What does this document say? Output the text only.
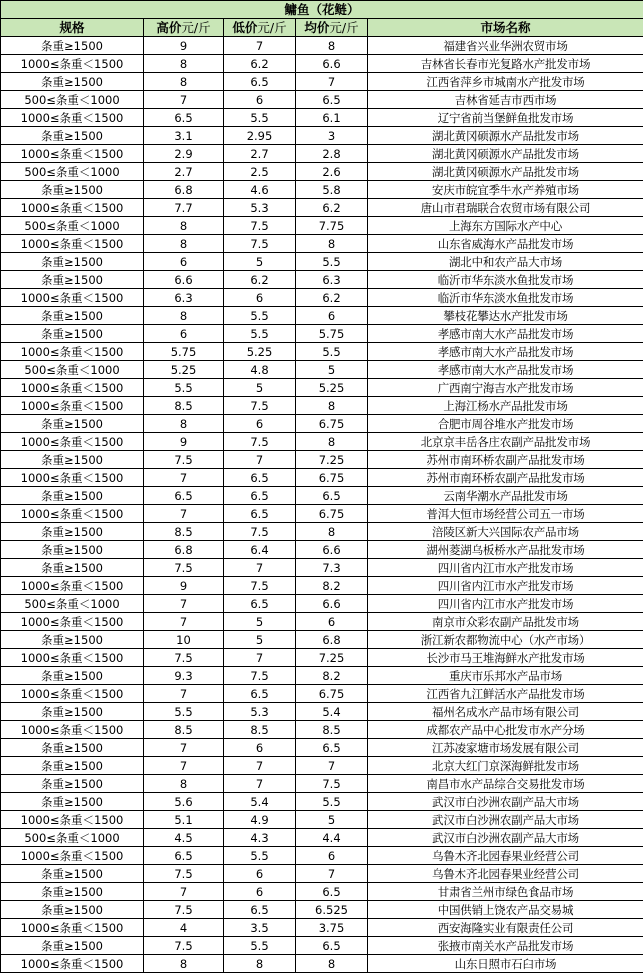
鳙鱼（花鲢）				
规格	高价元/斤	低价元/斤	均价元/斤	市场名称
条重≥1500	9	7	8	福建省兴业华洲农贸市场
1000≤条重＜1500	8	6.2	6.6	吉林省长春市光复路水产批发市场
条重≥1500	8	6.5	7	江西省萍乡市城南水产批发市场
500≤条重＜1000	7	6	6.5	吉林省延吉市西市场
1000≤条重＜1500	6.5	5.5	6.1	辽宁省前当堡鲜鱼批发市场
条重≥1500	3.1	2.95	3	湖北黄冈硕源水产品批发市场
1000≤条重＜1500	2.9	2.7	2.8	湖北黄冈硕源水产品批发市场
500≤条重＜1000	2.7	2.5	2.6	湖北黄冈硕源水产品批发市场
条重≥1500	6.8	4.6	5.8	安庆市皖宜季牛水产养殖市场
1000≤条重＜1500	7.7	5.3	6.2	唐山市君瑞联合农贸市场有限公司
500≤条重＜1000	8	7.5	7.75	上海东方国际水产中心
1000≤条重＜1500	8	7.5	8	山东省威海水产品批发市场
条重≥1500	6	5	5.5	湖北中和农产品大市场
条重≥1500	6.6	6.2	6.3	临沂市华东淡水鱼批发市场
1000≤条重＜1500	6.3	6	6.2	临沂市华东淡水鱼批发市场
条重≥1500	8	5.5	6	攀枝花攀达水产批发市场
条重≥1500	6	5.5	5.75	孝感市南大水产品批发市场
1000≤条重＜1500	5.75	5.25	5.5	孝感市南大水产品批发市场
500≤条重＜1000	5.25	4.8	5	孝感市南大水产品批发市场
1000≤条重＜1500	5.5	5	5.25	广西南宁海吉水产批发市场
1000≤条重＜1500	8.5	7.5	8	上海江杨水产品批发市场
条重≥1500	8	6	6.75	合肥市周谷堆水产批发市场
1000≤条重＜1500	9	7.5	8	北京京丰岳各庄农副产品批发市场
条重≥1500	7.5	7	7.25	苏州市南环桥农副产品批发市场
1000≤条重＜1500	7	6.5	6.75	苏州市南环桥农副产品批发市场
条重≥1500	6.5	6.5	6.5	云南华潮水产品批发市场
1000≤条重＜1500	7	6.5	6.75	普洱大恒市场经营公司五一市场
条重≥1500	8.5	7.5	8	涪陵区新大兴国际农产品市场
条重≥1500	6.8	6.4	6.6	湖州菱湖乌板桥水产品批发市场
条重≥1500	7.5	7	7.3	四川省内江市水产批发市场
1000≤条重＜1500	9	7.5	8.2	四川省内江市水产批发市场
500≤条重＜1000	7	6.5	6.6	四川省内江市水产批发市场
1000≤条重＜1500	7	5	6	南京市众彩农副产品批发市场
条重≥1500	10	5	6.8	浙江新农都物流中心（水产市场）
1000≤条重＜1500	7.5	7	7.25	长沙市马王堆海鲜水产批发市场
条重≥1500	9.3	7.5	8.2	重庆市乐邦水产品市场
1000≤条重＜1500	7	6.5	6.75	江西省九江鲜活水产品批发市场
条重≥1500	5.5	5.3	5.4	福州名成水产品市场有限公司
1000≤条重＜1500	8.5	8.5	8.5	成都农产品中心批发市水产分场
条重≥1500	7	6	6.5	江苏凌家塘市场发展有限公司
条重≥1500	7	7	7	北京大红门京深海鲜批发市场
条重≥1500	8	7	7.5	南昌市水产品综合交易批发市场
条重≥1500	5.6	5.4	5.5	武汉市白沙洲农副产品大市场
1000≤条重＜1500	5.1	4.9	5	武汉市白沙洲农副产品大市场
500≤条重＜1000	4.5	4.3	4.4	武汉市白沙洲农副产品大市场
1000≤条重＜1500	6.5	5.5	6	乌鲁木齐北园春果业经营公司
条重≥1500	7.5	6	7	乌鲁木齐北园春果业经营公司
条重≥1500	7	6	6.5	甘肃省兰州市绿色食品市场
条重≥1500	7.5	6.5	6.525	中国供销上饶农产品交易城
1000≤条重＜1500	4	3.5	3.75	西安海隆实业有限责任公司
条重≥1500	7.5	5.5	6.5	张掖市南关水产品批发市场
1000≤条重＜1500	8	8	8	山东日照市石臼市场
